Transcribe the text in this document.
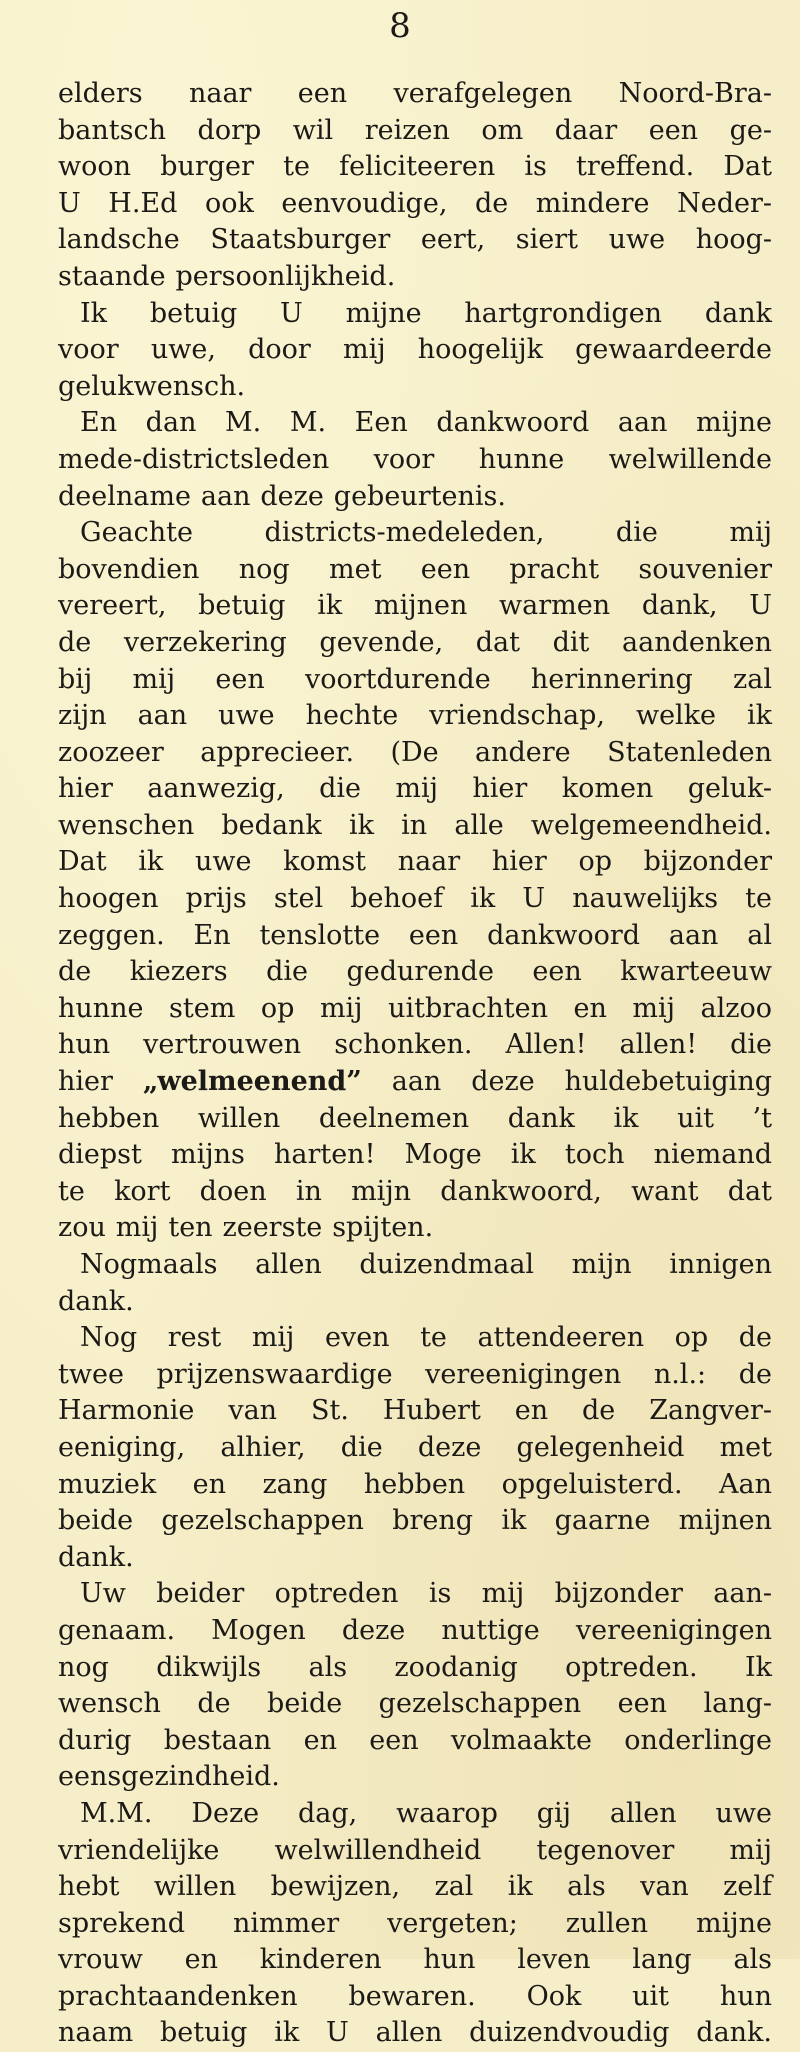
8
elders naar een verafgelegen Noord-Bra-
bantsch dorp wil reizen om daar een ge-
woon burger te feliciteeren is treffend. Dat
U H.Ed ook eenvoudige, de mindere Neder-
landsche Staatsburger eert, siert uwe hoog-
staande persoonlijkheid.
Ik betuig U mijne hartgrondigen dank
voor uwe, door mij hoogelijk gewaardeerde
gelukwensch.
En dan M. M. Een dankwoord aan mijne
mede-districtsleden voor hunne welwillende
deelname aan deze gebeurtenis.
Geachte districts-medeleden, die mij
bovendien nog met een pracht souvenier
vereert, betuig ik mijnen warmen dank, U
de verzekering gevende, dat dit aandenken
bij mij een voortdurende herinnering zal
zijn aan uwe hechte vriendschap, welke ik
zoozeer apprecieer. (De andere Statenleden
hier aanwezig, die mij hier komen geluk-
wenschen bedank ik in alle welgemeendheid.
Dat ik uwe komst naar hier op bijzonder
hoogen prijs stel behoef ik U nauwelijks te
zeggen. En tenslotte een dankwoord aan al
de kiezers die gedurende een kwarteeuw
hunne stem op mij uitbrachten en mij alzoo
hun vertrouwen schonken. Allen! allen! die
hier „welmeenend” aan deze huldebetuiging
hebben willen deelnemen dank ik uit ’t
diepst mijns harten! Moge ik toch niemand
te kort doen in mijn dankwoord, want dat
zou mij ten zeerste spijten.
Nogmaals allen duizendmaal mijn innigen
dank.
Nog rest mij even te attendeeren op de
twee prijzenswaardige vereenigingen n.l.: de
Harmonie van St. Hubert en de Zangver-
eeniging, alhier, die deze gelegenheid met
muziek en zang hebben opgeluisterd. Aan
beide gezelschappen breng ik gaarne mijnen
dank.
Uw beider optreden is mij bijzonder aan-
genaam. Mogen deze nuttige vereenigingen
nog dikwijls als zoodanig optreden. Ik
wensch de beide gezelschappen een lang-
durig bestaan en een volmaakte onderlinge
eensgezindheid.
M.M. Deze dag, waarop gij allen uwe
vriendelijke welwillendheid tegenover mij
hebt willen bewijzen, zal ik als van zelf
sprekend nimmer vergeten; zullen mijne
vrouw en kinderen hun leven lang als
prachtaandenken bewaren. Ook uit hun
naam betuig ik U allen duizendvoudig dank.
